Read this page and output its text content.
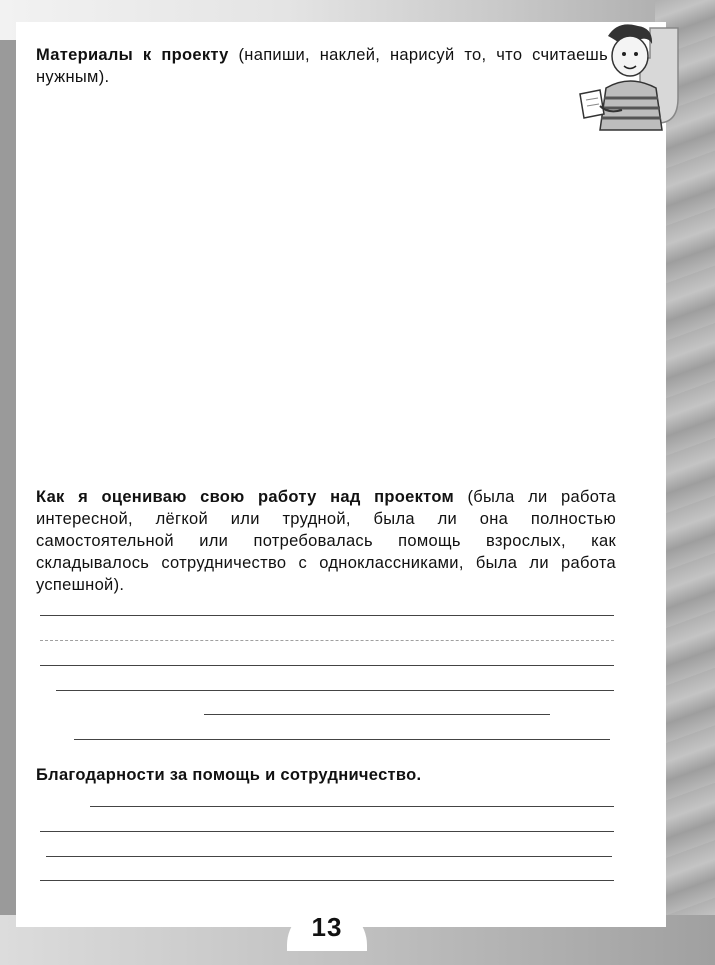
Материалы к проекту (напиши, наклей, нарисуй то, что считаешь нужным).
Как я оцениваю свою работу над проектом (была ли работа интересной, лёгкой или трудной, была ли она полностью самостоятельной или потребовалась помощь взрослых, как складывалось сотрудничество с одноклассниками, была ли работа успешной).
Благодарности за помощь и сотрудничество.
13
